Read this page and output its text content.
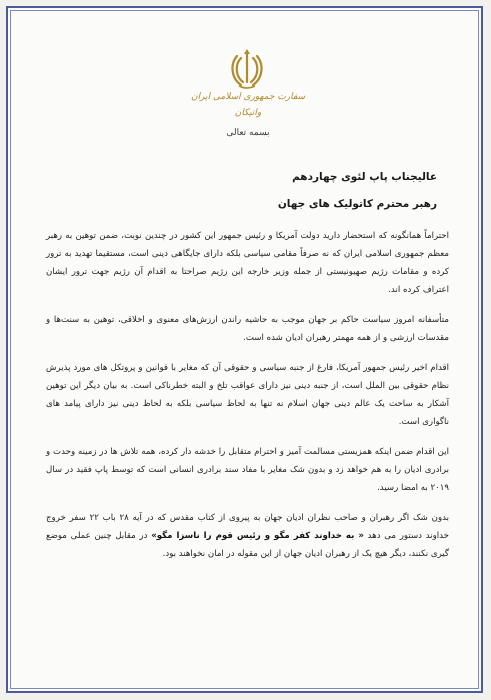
سفارت جمهوری اسلامی ایران
واتیکان
بسمه تعالی
عالیجناب پاپ لئوی چهاردهم
رهبر محترم کاتولیک های جهان

احتراماً همانگونه که استحضار دارید دولت آمریکا و رئیس جمهور این کشور در چندین نوبت، ضمن توهین به رهبر معظم جمهوری اسلامی ایران که نه صرفاً مقامی سیاسی بلکه دارای جایگاهی دینی است، مستقیما تهدید به ترور کرده و مقامات رژیم صهیونیستی از جمله وزیر خارجه این رژیم صراحتا به اقدام آن رژیم جهت ترور ایشان اعتراف کرده اند.

متأسفانه امروز سیاست حاکم بر جهان موجب به حاشیه راندن ارزش‌های معنوی و اخلاقی، توهین به سنت‌ها و مقدسات ارزشی و از همه مهمتر رهبران ادیان شده است.

اقدام اخیر رئیس جمهور آمریکا، فارغ از جنبه سیاسی و حقوقی آن که مغایر با قوانین و پروتکل های مورد پذیرش نظام حقوقی بین الملل است، از جنبه دینی نیز دارای عواقب تلخ و البته خطرناکی است. به بیان دیگر این توهین آشکار به ساحت یک عالم دینی جهان اسلام نه تنها به لحاظ سیاسی بلکه به لحاظ دینی نیز دارای پیامد های ناگواری است.

این اقدام ضمن اینکه همزیستی مسالمت آمیز و احترام متقابل را خدشه دار کرده، همه تلاش ها در زمینه وحدت و برادری ادیان را به هم خواهد زد و بدون شک مغایر با مفاد سند برادری انسانی است که توسط پاپ فقید در سال ۲۰۱۹ به امضا رسید.

بدون شک اگر رهبران و صاحب نظران ادیان جهان به پیروی از کتاب مقدس که در آیه ۲۸ باب ۲۲ سفر خروج خداوند دستور می دهد « به خداوند کفر مگو و رئیس قوم را ناسزا مگو» در مقابل چنین عملی موضع گیری نکنند، دیگر هیچ یک از رهبران ادیان جهان از این مقوله در امان نخواهند بود.
